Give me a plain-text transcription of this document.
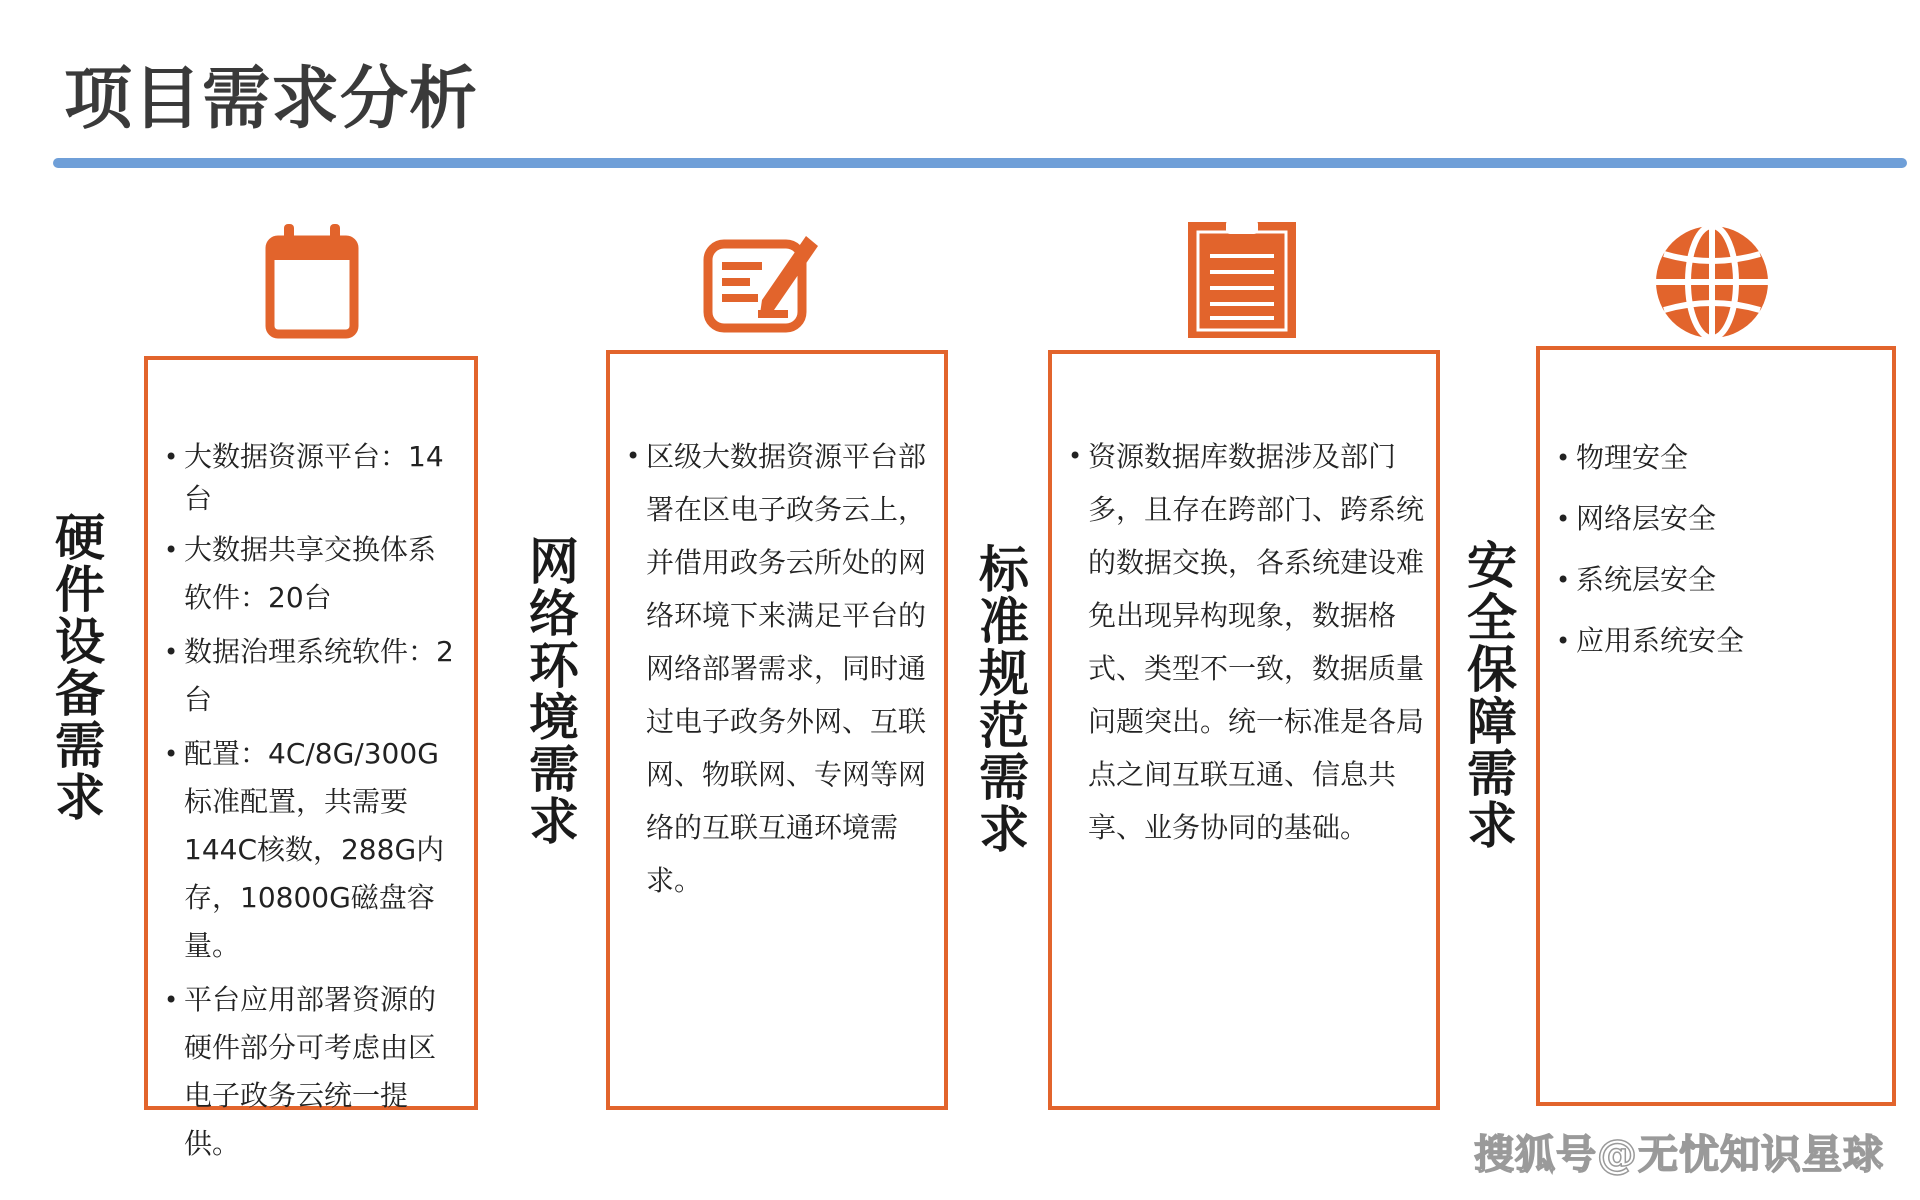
项目需求分析
硬件设备需求
• 大数据资源平台：14台
• 大数据共享交换体系软件：20台
• 数据治理系统软件：2台
• 配置：4C/8G/300G标准配置，共需要144C核数，288G内存，10800G磁盘容量。
• 平台应用部署资源的硬件部分可考虑由区电子政务云统一提供。
网络环境需求
• 区级大数据资源平台部署在区电子政务云上，并借用政务云所处的网络环境下来满足平台的网络部署需求，同时通过电子政务外网、互联网、物联网、专网等网络的互联互通环境需求。
标准规范需求
• 资源数据库数据涉及部门多，且存在跨部门、跨系统的数据交换，各系统建设难免出现异构现象，数据格式、类型不一致，数据质量问题突出。统一标准是各局点之间互联互通、信息共享、业务协同的基础。
安全保障需求
• 物理安全
• 网络层安全
• 系统层安全
• 应用系统安全
搜狐号@无忧知识星球
